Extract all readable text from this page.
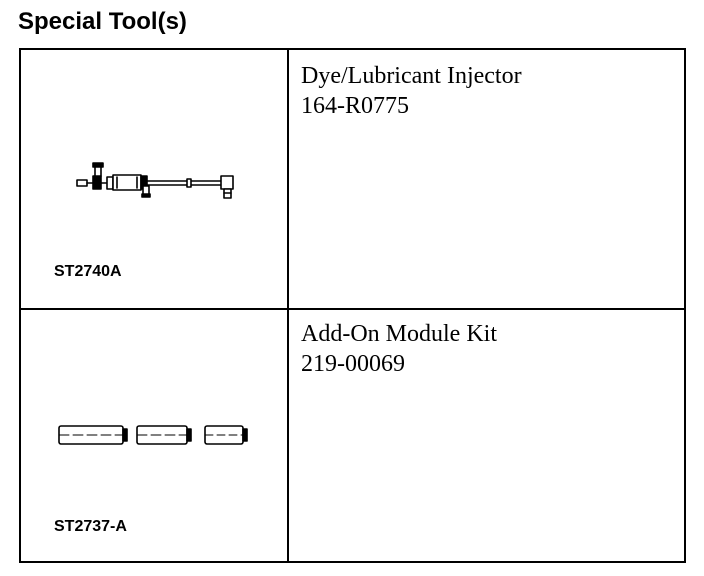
Special Tool(s)
ST2740A
Dye/Lubricant Injector
164-R0775
ST2737-A
Add-On Module Kit
219-00069
